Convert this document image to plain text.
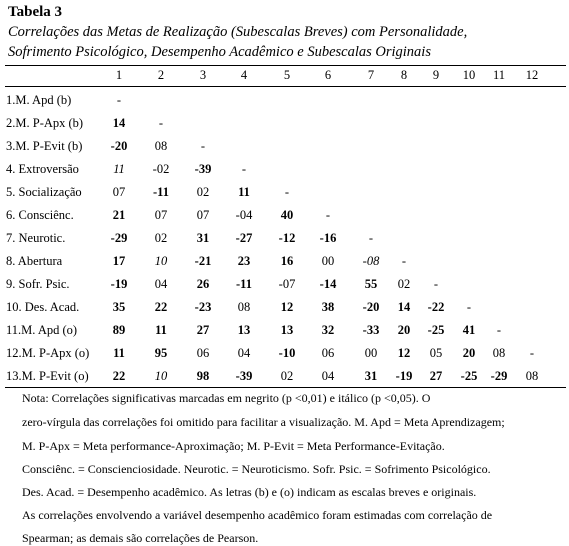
Tabela 3
Correlações das Metas de Realização (Subescalas Breves) com Personalidade,
Sofrimento Psicológico, Desempenho Acadêmico e Subescalas Originais
1	2	3	4	5	6	7	8	9	10	11	12
1.M. Apd (b)	-
2.M. P-Apx (b)	14	-
3.M. P-Evit (b)	-20	08	-
4. Extroversão	11	-02	-39	-
5. Socialização	07	-11	02	11	-
6. Consciênc.	21	07	07	-04	40	-
7. Neurotic.	-29	02	31	-27	-12	-16	-
8. Abertura	17	10	-21	23	16	00	-08	-
9. Sofr. Psic.	-19	04	26	-11	-07	-14	55	02	-
10. Des. Acad.	35	22	-23	08	12	38	-20	14	-22	-
11.M. Apd (o)	89	11	27	13	13	32	-33	20	-25	41	-
12.M. P-Apx (o)	11	95	06	04	-10	06	00	12	05	20	08	-
13.M. P-Evit (o)	22	10	98	-39	02	04	31	-19	27	-25	-29	08
Nota: Correlações significativas marcadas em negrito (p <0,01) e itálico (p <0,05). O
zero-vírgula das correlações foi omitido para facilitar a visualização. M. Apd = Meta Aprendizagem;
M. P-Apx = Meta performance-Aproximação; M. P-Evit = Meta Performance-Evitação.
Consciênc. = Conscienciosidade. Neurotic. = Neuroticismo. Sofr. Psic. = Sofrimento Psicológico.
Des. Acad. = Desempenho acadêmico. As letras (b) e (o) indicam as escalas breves e originais.
As correlações envolvendo a variável desempenho acadêmico foram estimadas com correlação de
Spearman; as demais são correlações de Pearson.
